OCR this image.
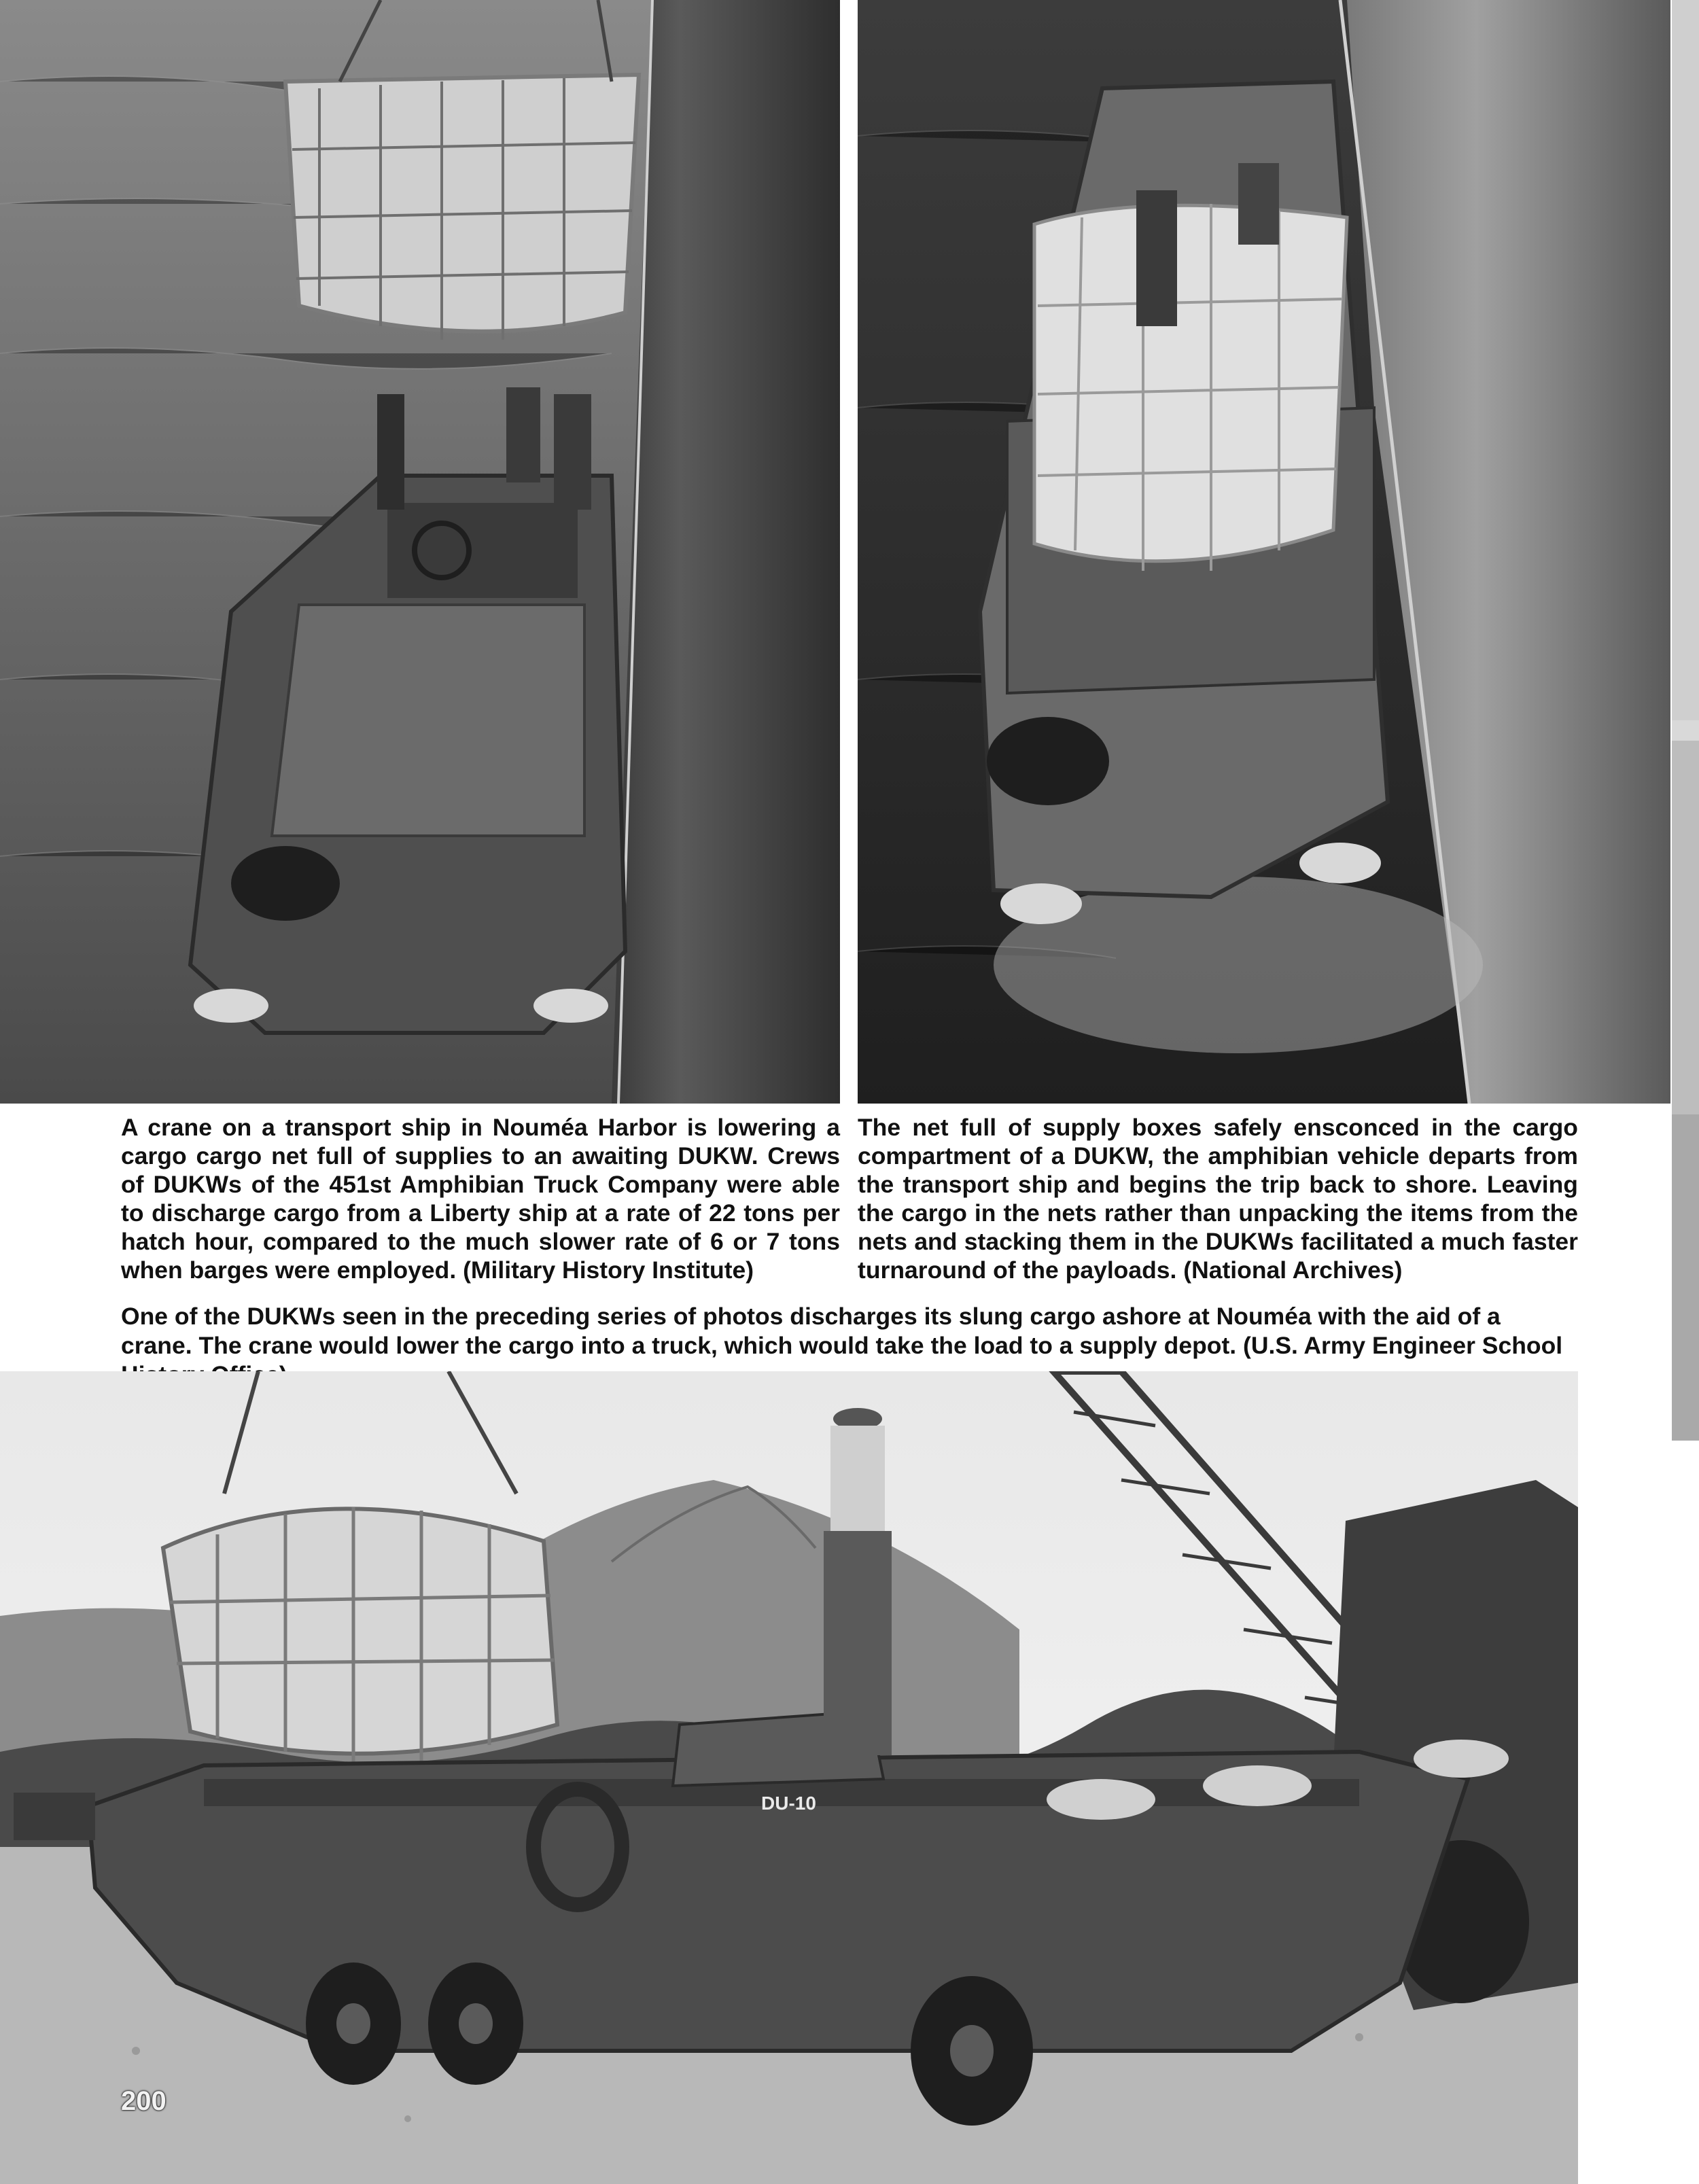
A crane on a transport ship in Nouméa Harbor is lowering a cargo cargo net full of supplies to an awaiting DUKW. Crews of DUKWs of the 451st Amphibian Truck Company were able to discharge cargo from a Liberty ship at a rate of 22 tons per hatch hour, compared to the much slower rate of 6 or 7 tons when barges were employed. (Military History Institute)

The net full of supply boxes safely ensconced in the cargo compartment of a DUKW, the amphibian vehicle departs from the transport ship and begins the trip back to shore. Leaving the cargo in the nets rather than unpacking the items from the nets and stacking them in the DUKWs facilitated a much faster turnaround of the payloads. (National Archives)

One of the DUKWs seen in the preceding series of photos discharges its slung cargo ashore at Nouméa with the aid of a crane. The crane would lower the cargo into a truck, which would take the load to a supply depot. (U.S. Army Engineer School

DU-10
200
